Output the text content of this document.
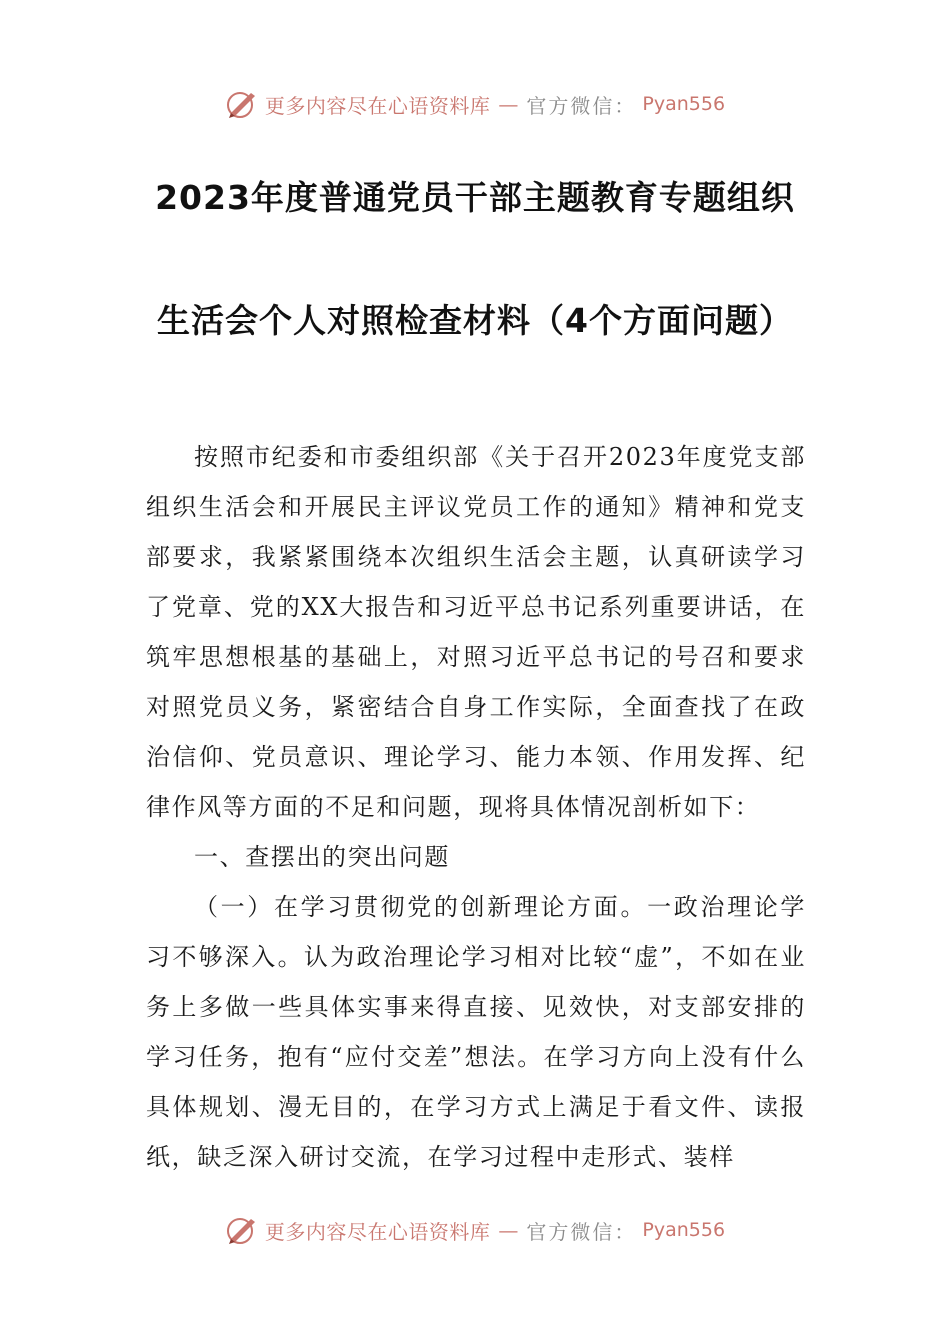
更多内容尽在心语资料库 — 官方微信： Pyan556
2023年度普通党员干部主题教育专题组织
生活会个人对照检查材料（4个方面问题）

按照市纪委和市委组织部《关于召开2023年度党支部组织生活会和开展民主评议党员工作的通知》精神和党支部要求，我紧紧围绕本次组织生活会主题，认真研读学习了党章、党的XX大报告和习近平总书记系列重要讲话，在筑牢思想根基的基础上，对照习近平总书记的号召和要求对照党员义务，紧密结合自身工作实际，全面查找了在政治信仰、党员意识、理论学习、能力本领、作用发挥、纪律作风等方面的不足和问题，现将具体情况剖析如下：

一、查摆出的突出问题

（一）在学习贯彻党的创新理论方面。一政治理论学习不够深入。认为政治理论学习相对比较“虚”，不如在业务上多做一些具体实事来得直接、见效快，对支部安排的学习任务，抱有“应付交差”想法。在学习方向上没有什么具体规划、漫无目的，在学习方式上满足于看文件、读报纸，缺乏深入研讨交流，在学习过程中走形式、装样

更多内容尽在心语资料库 — 官方微信： Pyan556
